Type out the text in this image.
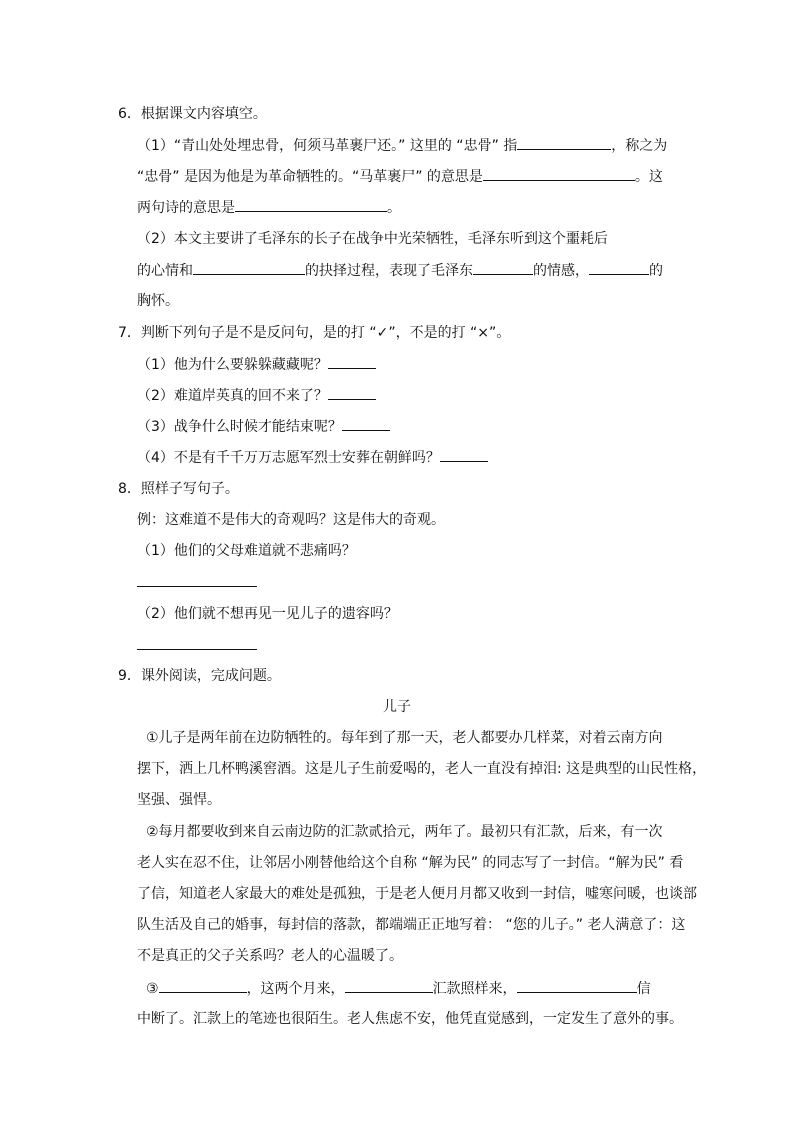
6．根据课文内容填空。
（1）“青山处处埋忠骨，何须马革裹尸还。” 这里的 “忠骨” 指	，称之为
“忠骨” 是因为他是为革命牺牲的。“马革裹尸” 的意思是	。这
两句诗的意思是	。
（2）本文主要讲了毛泽东的长子在战争中光荣牺牲，毛泽东听到这个噩耗后
的心情和	的抉择过程，表现了毛泽东	的情感，	的
胸怀。
7．判断下列句子是不是反问句，是的打 “✓”，不是的打 “×”。
（1）他为什么要躲躲藏藏呢？
（2）难道岸英真的回不来了？
（3）战争什么时候才能结束呢？
（4）不是有千千万万志愿军烈士安葬在朝鲜吗？
8．照样子写句子。
例：这难道不是伟大的奇观吗？这是伟大的奇观。
（1）他们的父母难道就不悲痛吗？
（2）他们就不想再见一见儿子的遗容吗？
9．课外阅读，完成问题。
儿子
①儿子是两年前在边防牺牲的。每年到了那一天，老人都要办几样菜，对着云南方向
摆下，洒上几杯鸭溪窖酒。这是儿子生前爱喝的，老人一直没有掉泪: 这是典型的山民性格，
坚强、强悍。
②每月都要收到来自云南边防的汇款贰拾元，两年了。最初只有汇款，后来，有一次
老人实在忍不住，让邻居小刚替他给这个自称 “解为民” 的同志写了一封信。“解为民” 看
了信，知道老人家最大的难处是孤独，于是老人便月月都又收到一封信，嘘寒问暖，也谈部
队生活及自己的婚事，每封信的落款，都端端正正地写着： “您的儿子。” 老人满意了：这
不是真正的父子关系吗？老人的心温暖了。
③	，这两个月来，	汇款照样来，	信
中断了。汇款上的笔迹也很陌生。老人焦虑不安，他凭直觉感到，一定发生了意外的事。
